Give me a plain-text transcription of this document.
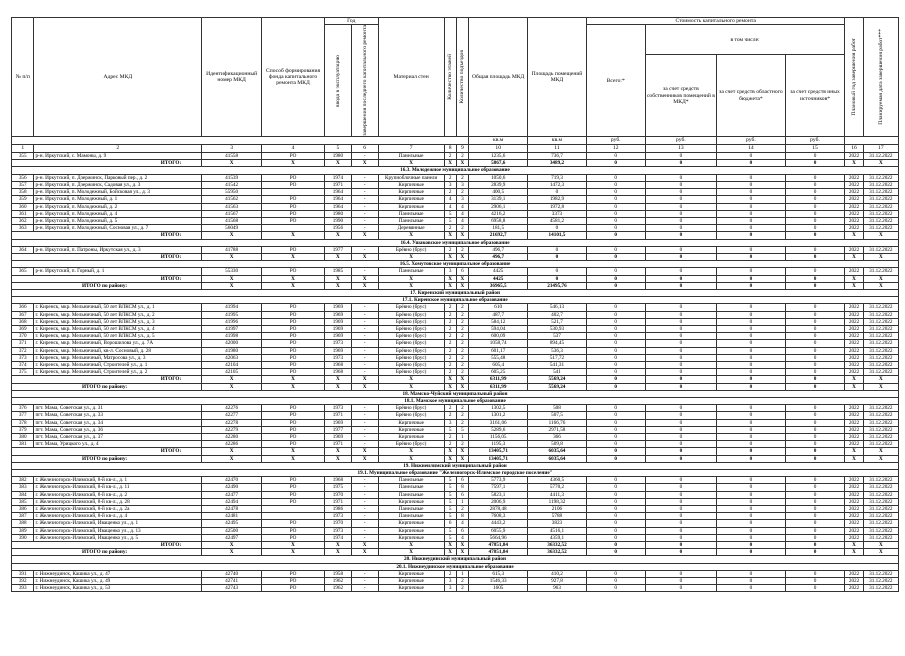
№ п/п	Адрес МКД	Идентификационный номер МКД	Способ формирования фонда капитального ремонта МКД	Год		Материал стен	Количество этажей	Количество подъездов	Общая площадь МКД	Площадь помещений МКД	Стоимость капитального ремонта				Плановый год завершения работ	Планируемая дата завершения работ***

				ввода в эксплуатацию	завершения последнего капитального ремонта						Всего:*	в том числе:				
												за счет средств собственников помещений в МКД*	за счет средств областного бюджета*	за счет средств иных источников*		
									кв.м	кв.м	руб.	руб.	руб.	руб.		
1	2	3	4	5	6	7	8	9	10	11	12	13	14	15	16	17
355	р-н. Иркутский, с. Мамоны, д. 9	41558	РО	1980	-	Панельные	2	2	1235,6	736,7	0	0	0	0	2022	31.12.2022
ИТОГО:		X	X	X	X	X	X	X	5867,6	3489,2	0	0	0	0	X	X
16.3. Молодежное муниципальное образование																
356	р-н. Иркутский, п. Дзержинск, Парковый пер., д. 2	41539	РО	1974	-	Крупноблочные панели	2	2	1050,6	719,3	0	0	0	0	2022	31.12.2022
357	р-н. Иркутский, п. Дзержинск, Садовая ул., д. 3	41542	РО	1971	-	Кирпичные	3	3	2839,9	1472,3	0	0	0	0	2022	31.12.2022
358	р-н. Иркутский, п. Молодежный, Бойсковая ул., д. 3	55950		1964	-	Кирпичные	2	2	400,5	0	0	0	0	0	2022	31.12.2022
359	р-н. Иркутский, п. Молодежный, д. 1	41562	РО	1964	-	Кирпичные	4	3	3139,1	1982,9	0	0	0	0	2022	31.12.2022
360	р-н. Иркутский, п. Молодежный, д. 2	41563	РО	1964	-	Кирпичные	4	4	2906,1	1972,8	0	0	0	0	2022	31.12.2022
361	р-н. Иркутский, п. Молодежный, д. 4	41567	РО	1980	-	Панельные	5	4	4216,2	3373	0	0	0	0	2022	31.12.2022
362	р-н. Иркутский, п. Молодежный, д. 5	41568	РО	1990	-	Панельные	5	4	6958,8	4581,2	0	0	0	0	2022	31.12.2022
363	р-н. Иркутский, п. Молодежный, Сосновая ул., д. 7	56049		1956	-	Деревянные	2	2	181,5	0	0	0	0	0	2022	31.12.2022
ИТОГО:		X	X	X	X	X	X	X	21692,7	14101,5	0	0	0	0	X	X
16.4. Ушаковское муниципальное образование																
364	р-н. Иркутский, п. Патроны, Иркутская ул., д. 3	41788	РО	1977	-	Брёвно (брус)	2	2	496,7	0	0	0	0	0	2022	31.12.2022
ИТОГО:		X	X	X	X	X	X	X	496,7	0	0	0	0	0	X	X
16.5. Хомутовское муниципальное образование																
365	р-н. Иркутский, п. Горный, д. 1	55330	РО	1985	-	Панельные	3	6	4425	0	0	0	0	0	2022	31.12.2022
ИТОГО:		X	X	X	X	X	X	X	4425	0	0	0	0	0	X	X
ИТОГО по району:		X	X	X	X	X	X	X	36965,5	21495,76	0	0	0	0	X	X
17. Киренский муниципальный район																
17.1. Киренское муниципальное образование																
366	г. Киренск, мкр. Мельничный, 50 лет ВЛКСМ ул., д. 1	41994	РО	1969	-	Брёвно (брус)	2	2	610	546,13	0	0	0	0	2022	31.12.2022
367	г. Киренск, мкр. Мельничный, 50 лет ВЛКСМ ул., д. 2	41995	РО	1969	-	Брёвно (брус)	2	2	487,7	402,7	0	0	0	0	2022	31.12.2022
368	г. Киренск, мкр. Мельничный, 50 лет ВЛКСМ ул., д. 3	41996	РО	1969	-	Брёвно (брус)	2	2	584,12	521,7	0	0	0	0	2022	31.12.2022
369	г. Киренск, мкр. Мельничный, 50 лет ВЛКСМ ул., д. 4	41997	РО	1969	-	Брёвно (брус)	2	2	594,04	530,93	0	0	0	0	2022	31.12.2022
370	г. Киренск, мкр. Мельничный, 50 лет ВЛКСМ ул., д. 5	41998	РО	1969	-	Брёвно (брус)	2	2	600,09	537	0	0	0	0	2022	31.12.2022
371	г. Киренск, мкр. Мельничный, Ворошилова ул., д. 7А	42000	РО	1973	-	Брёвно (брус)	2	2	1058,74	894,45	0	0	0	0	2022	31.12.2022
372	г. Киренск, мкр. Мельничный, кв-л. Сосновый, д. 28	41980	РО	1969	-	Брёвно (брус)	2	2	601,17	536,3	0	0	0	0	2022	31.12.2022
373	г. Киренск, мкр. Мельничный, Матросова ул., д. 3	42063	РО	1973	-	Брёвно (брус)	2	2	555,48	517,72	0	0	0	0	2022	31.12.2022
374	г. Киренск, мкр. Мельничный, Строителей ул., д. 1	42104	РО	1968	-	Брёвно (брус)	2	2	605,4	541,31	0	0	0	0	2022	31.12.2022
375	г. Киренск, мкр. Мельничный, Строителей ул., д. 2	42105	РО	1968	-	Брёвно (брус)	2	2	605,25	541	0	0	0	0	2022	31.12.2022
ИТОГО:		X	X	X	X	X	X	X	6311,99	5569,24	0	0	0	0	X	X
ИТОГО по району:		X	X	X	X	X	X	X	6311,99	5569,24	0	0	0	0	X	X
18. Мамско-Чуйский муниципальный район																
18.1. Мамское муниципальное образование																
376	пгт. Мама, Советская ул., д. 31	42276	РО	1973	-	Брёвно (брус)	2	2	1302,5	508	0	0	0	0	2022	31.12.2022
377	пгт. Мама, Советская ул., д. 33	42277	РО	1971	-	Брёвно (брус)	2	2	1301,2	507,5	0	0	0	0	2022	31.12.2022
378	пгт. Мама, Советская ул., д. 34	42278	РО	1969	-	Кирпичные	3	2	3161,06	1166,76	0	0	0	0	2022	31.12.2022
379	пгт. Мама, Советская ул., д. 36	42279	РО	1977	-	Кирпичные	5	5	5289,6	2971,58	0	0	0	0	2022	31.12.2022
380	пгт. Мама, Советская ул., д. 37	42280	РО	1969	-	Кирпичные	2	1	1156,05	366	0	0	0	0	2022	31.12.2022
381	пгт. Мама, Урицкого ул., д. 4	42286	РО	1971	-	Брёвно (брус)	2	2	1195,3	509,8	0	0	0	0	2022	31.12.2022
ИТОГО:		X	X	X	X	X	X	X	13405,71	6035,64	0	0	0	0	X	X
ИТОГО по району:		X	X	X	X	X	X	X	13405,71	6035,64	0	0	0	0	X	X
19. Нижнеилимский муниципальный район																
19.1. Муниципальное образование "Железногорск-Илимское городское поселение"																
382	г. Железногорск-Илимский, 8-й кв-л., д. 1	42470	РО	1968	-	Панельные	5	6	5773,9	4360,5	0	0	0	0	2022	31.12.2022
383	г. Железногорск-Илимский, 8-й кв-л., д. 11	42490	РО	1975	-	Панельные	5	8	7597,1	5770,2	0	0	0	0	2022	31.12.2022
384	г. Железногорск-Илимский, 8-й кв-л., д. 2	42477	РО	1970	-	Панельные	5	6	5823,1	4411,3	0	0	0	0	2022	31.12.2022
385	г. Железногорск-Илимский, 8-й кв-л., д. 28	42494	РО	1971	-	Кирпичные	5	1	2006,9	1198,32	0	0	0	0	2022	31.12.2022
386	г. Железногорск-Илимский, 8-й кв-л., д. 2а	42478		1986	-	Панельные	5	2	2878,48	2106	0	0	0	0	2022	31.12.2022
387	г. Железногорск-Илимский, 8-й кв-л., д. 4	42481		1973	-	Панельные	5	8	7608,3	5788	0	0	0	0	2022	31.12.2022
388	г. Железногорск-Илимский, Иващенко ул., д. 1	42495	РО	1970	-	Кирпичные	6	4	4443,2	3823	0	0	0	0	2022	31.12.2022
389	г. Железногорск-Илимский, Иващенко ул., д. 13	42500	РО	1973	-	Кирпичные	5	6	6055,9	4516,1	0	0	0	0	2022	31.12.2022
390	г. Железногорск-Илимский, Иващенко ул., д. 5	42497	РО	1974	-	Кирпичные	5	4	5664,96	4359,1	0	0	0	0	2022	31.12.2022
ИТОГО:		X	X	X	X	X	X	X	47851,84	36332,52	0	0	0	0	X	X
ИТОГО по району:		X	X	X	X	X	X	X	47851,84	36332,52	0	0	0	0	X	X
20. Нижнеудинский муниципальный район																
20.1. Нижнеудинское муниципальное образование																
391	г. Нижнеудинск, Кашика ул., д. 47	42740	РО	1958	-	Кирпичные	2	1	615,3	410,2	0	0	0	0	2022	31.12.2022
392	г. Нижнеудинск, Кашика ул., д. 49	42741	РО	1962	-	Кирпичные	3	2	1546,33	927,8	0	0	0	0	2022	31.12.2022
393	г. Нижнеудинск, Кашика ул., д. 53	42743	РО	1962	-	Кирпичные	3	2	1605	963	0	0	0	0	2022	31.12.2022
